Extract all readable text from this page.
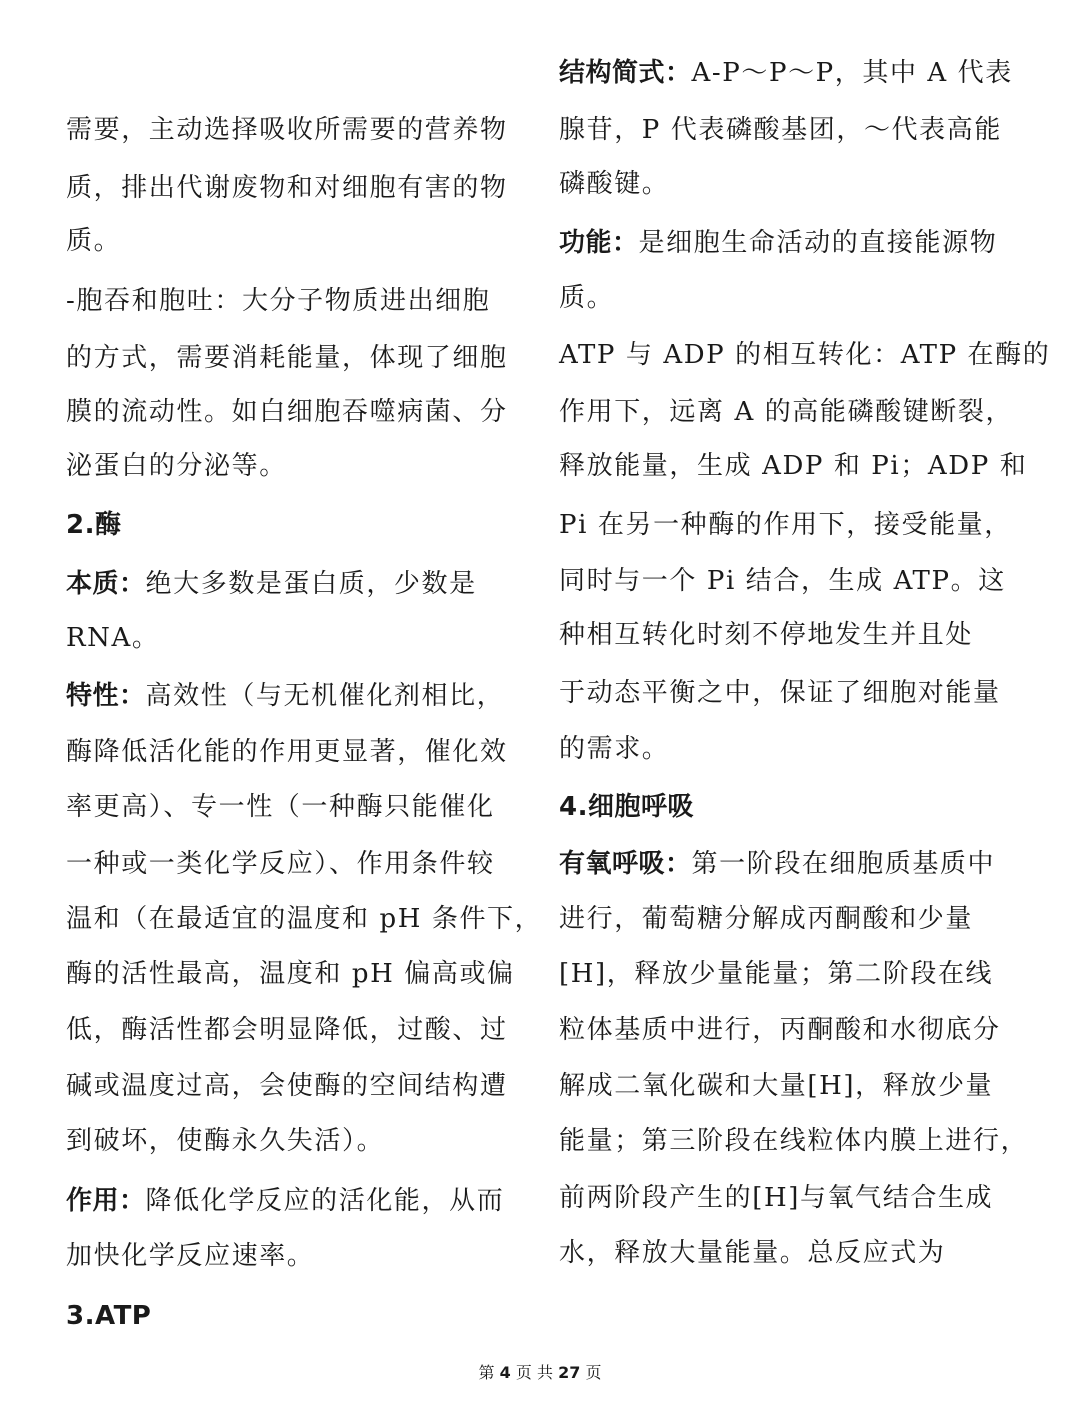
需要，主动选择吸收所需要的营养物
质，排出代谢废物和对细胞有害的物
质。
-胞吞和胞吐：大分子物质进出细胞
的方式，需要消耗能量，体现了细胞
膜的流动性。如白细胞吞噬病菌、分
泌蛋白的分泌等。
2.酶
本质：绝大多数是蛋白质，少数是
RNA。
特性：高效性（与无机催化剂相比，
酶降低活化能的作用更显著，催化效
率更高）、专一性（一种酶只能催化
一种或一类化学反应）、作用条件较
温和（在最适宜的温度和 pH 条件下，
酶的活性最高，温度和 pH 偏高或偏
低，酶活性都会明显降低，过酸、过
碱或温度过高，会使酶的空间结构遭
到破坏，使酶永久失活）。
作用：降低化学反应的活化能，从而
加快化学反应速率。
3.ATP
结构简式：A-P～P～P，其中 A 代表
腺苷，P 代表磷酸基团，～代表高能
磷酸键。
功能：是细胞生命活动的直接能源物
质。
ATP 与 ADP 的相互转化：ATP 在酶的
作用下，远离 A 的高能磷酸键断裂，
释放能量，生成 ADP 和 Pi；ADP 和
Pi 在另一种酶的作用下，接受能量，
同时与一个 Pi 结合，生成 ATP。这
种相互转化时刻不停地发生并且处
于动态平衡之中，保证了细胞对能量
的需求。
4.细胞呼吸
有氧呼吸：第一阶段在细胞质基质中
进行，葡萄糖分解成丙酮酸和少量
[H]，释放少量能量；第二阶段在线
粒体基质中进行，丙酮酸和水彻底分
解成二氧化碳和大量[H]，释放少量
能量；第三阶段在线粒体内膜上进行，
前两阶段产生的[H]与氧气结合生成
水，释放大量能量。总反应式为
第 4 页 共 27 页
